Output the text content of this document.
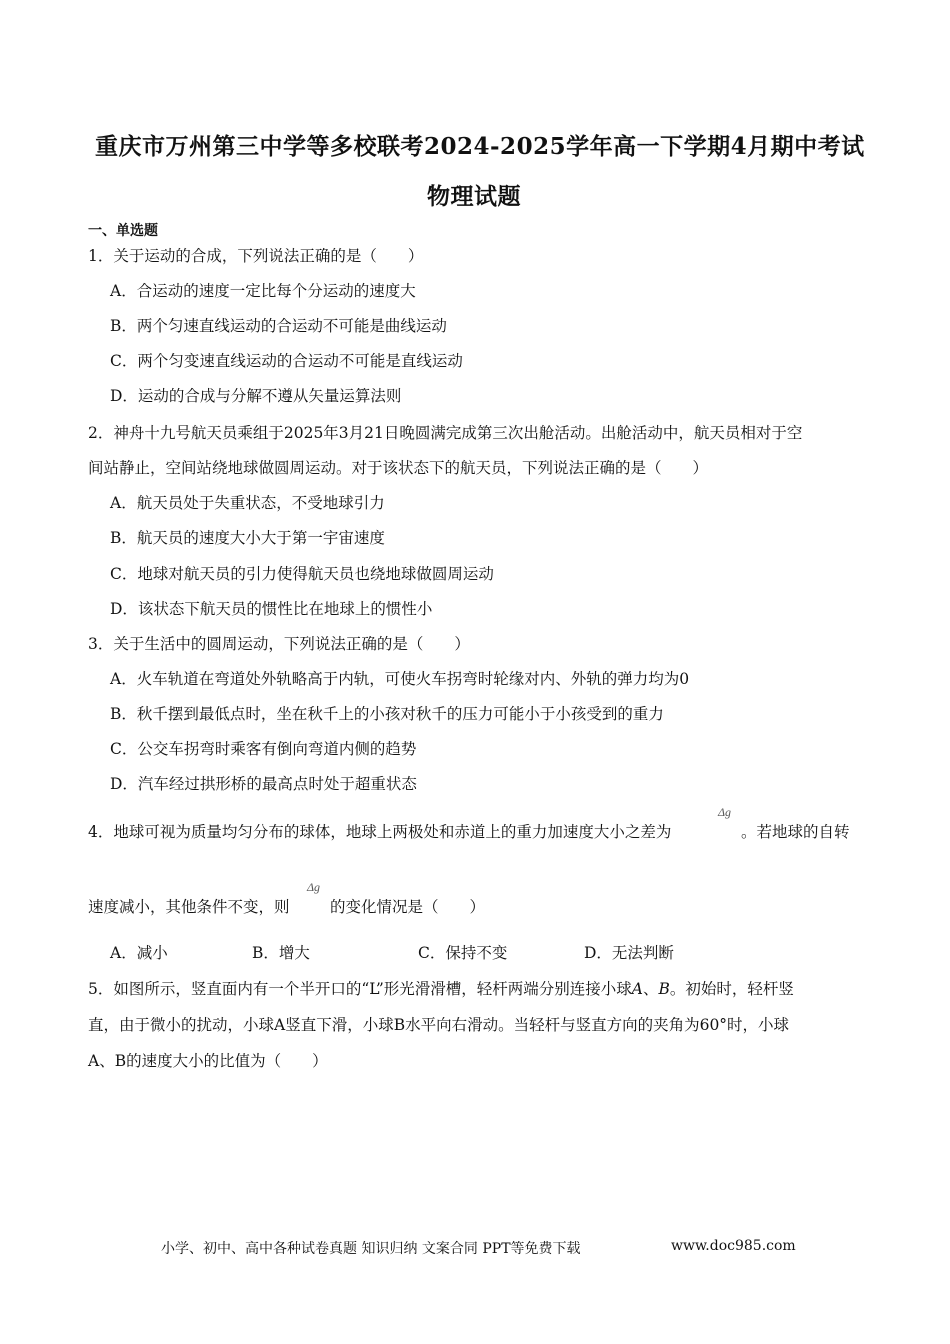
重庆市万州第三中学等多校联考2024-2025学年高一下学期4月期中考试
物理试题
一、单选题
1．关于运动的合成，下列说法正确的是（　　）
A．合运动的速度一定比每个分运动的速度大
B．两个匀速直线运动的合运动不可能是曲线运动
C．两个匀变速直线运动的合运动不可能是直线运动
D．运动的合成与分解不遵从矢量运算法则
2．神舟十九号航天员乘组于2025年3月21日晚圆满完成第三次出舱活动。出舱活动中，航天员相对于空
间站静止，空间站绕地球做圆周运动。对于该状态下的航天员，下列说法正确的是（　　）
A．航天员处于失重状态，不受地球引力
B．航天员的速度大小大于第一宇宙速度
C．地球对航天员的引力使得航天员也绕地球做圆周运动
D．该状态下航天员的惯性比在地球上的惯性小
3．关于生活中的圆周运动，下列说法正确的是（　　）
A．火车轨道在弯道处外轨略高于内轨，可使火车拐弯时轮缘对内、外轨的弹力均为0
B．秋千摆到最低点时，坐在秋千上的小孩对秋千的压力可能小于小孩受到的重力
C．公交车拐弯时乘客有倒向弯道内侧的趋势
D．汽车经过拱形桥的最高点时处于超重状态
4．地球可视为质量均匀分布的球体，地球上两极处和赤道上的重力加速度大小之差为
Δg
。若地球的自转
速度减小，其他条件不变，则
Δg
的变化情况是（　　）
A．减小	B．增大	C．保持不变	D．无法判断
5．如图所示，竖直面内有一个半开口的“L”形光滑滑槽，轻杆两端分别连接小球A、B。初始时，轻杆竖
直，由于微小的扰动，小球A竖直下滑，小球B水平向右滑动。当轻杆与竖直方向的夹角为60°时，小球
A、B的速度大小的比值为（　　）
小学、初中、高中各种试卷真题 知识归纳 文案合同 PPT等免费下载	www.doc985.com
